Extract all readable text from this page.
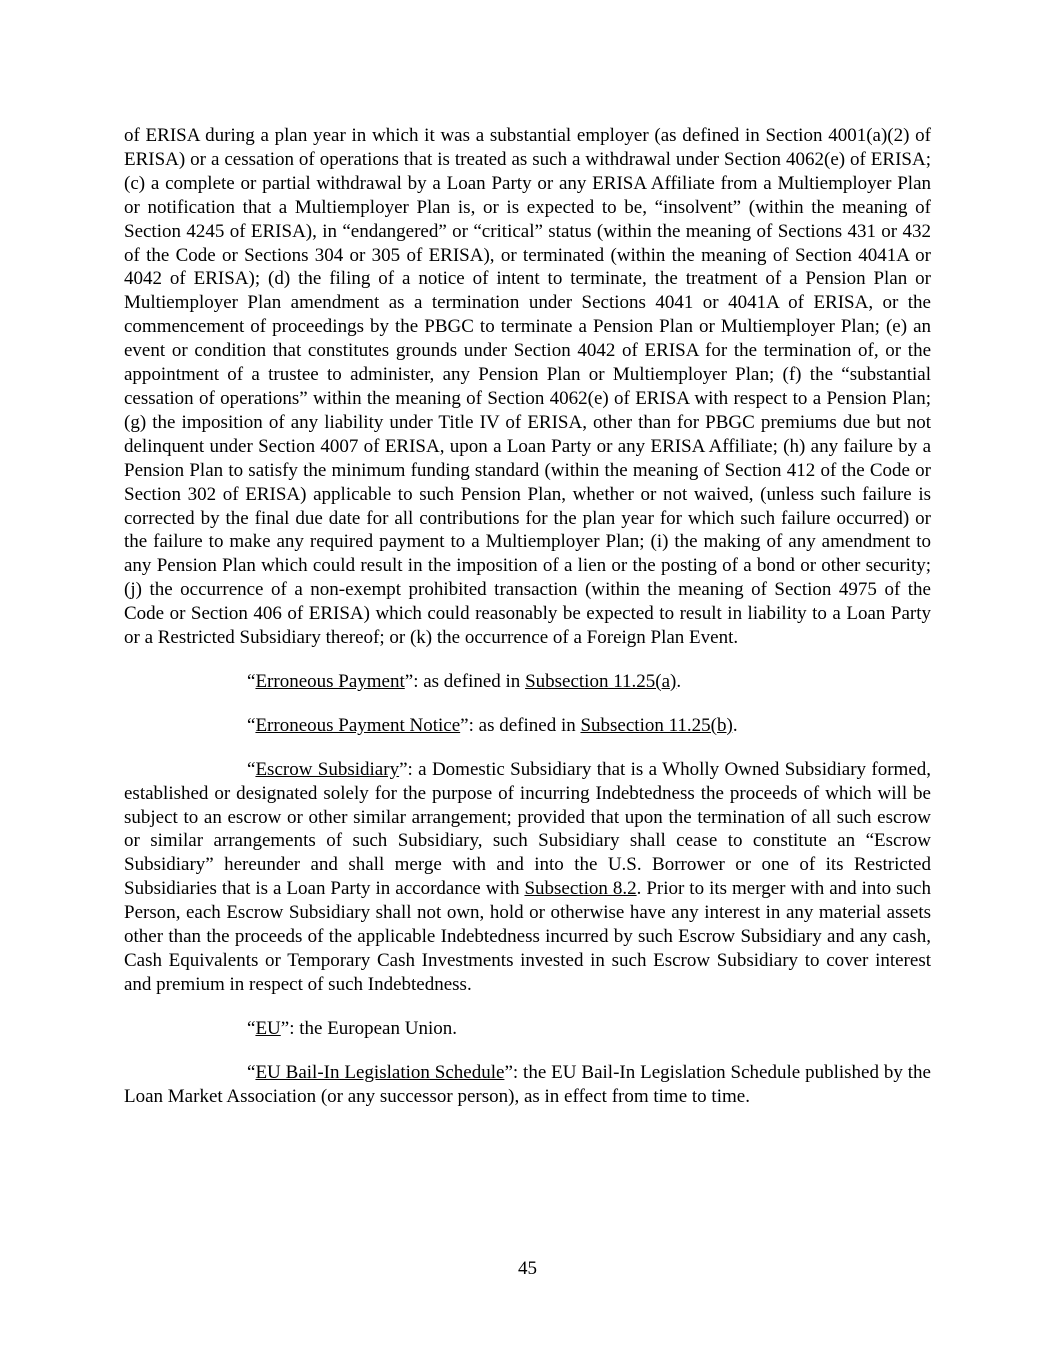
of ERISA during a plan year in which it was a substantial employer (as defined in Section 4001(a)(2) of ERISA) or a cessation of operations that is treated as such a withdrawal under Section 4062(e) of ERISA; (c) a complete or partial withdrawal by a Loan Party or any ERISA Affiliate from a Multiemployer Plan or notification that a Multiemployer Plan is, or is expected to be, “insolvent” (within the meaning of Section 4245 of ERISA), in “endangered” or “critical” status (within the meaning of Sections 431 or 432 of the Code or Sections 304 or 305 of ERISA), or terminated (within the meaning of Section 4041A or 4042 of ERISA); (d) the filing of a notice of intent to terminate, the treatment of a Pension Plan or Multiemployer Plan amendment as a termination under Sections 4041 or 4041A of ERISA, or the commencement of proceedings by the PBGC to terminate a Pension Plan or Multiemployer Plan; (e) an event or condition that constitutes grounds under Section 4042 of ERISA for the termination of, or the appointment of a trustee to administer, any Pension Plan or Multiemployer Plan; (f) the “substantial cessation of operations” within the meaning of Section 4062(e) of ERISA with respect to a Pension Plan; (g) the imposition of any liability under Title IV of ERISA, other than for PBGC premiums due but not delinquent under Section 4007 of ERISA, upon a Loan Party or any ERISA Affiliate; (h) any failure by a Pension Plan to satisfy the minimum funding standard (within the meaning of Section 412 of the Code or Section 302 of ERISA) applicable to such Pension Plan, whether or not waived, (unless such failure is corrected by the final due date for all contributions for the plan year for which such failure occurred) or the failure to make any required payment to a Multiemployer Plan; (i) the making of any amendment to any Pension Plan which could result in the imposition of a lien or the posting of a bond or other security; (j) the occurrence of a non-exempt prohibited transaction (within the meaning of Section 4975 of the Code or Section 406 of ERISA) which could reasonably be expected to result in liability to a Loan Party or a Restricted Subsidiary thereof; or (k) the occurrence of a Foreign Plan Event.

“Erroneous Payment”: as defined in Subsection 11.25(a).

“Erroneous Payment Notice”: as defined in Subsection 11.25(b).

“Escrow Subsidiary”: a Domestic Subsidiary that is a Wholly Owned Subsidiary formed, established or designated solely for the purpose of incurring Indebtedness the proceeds of which will be subject to an escrow or other similar arrangement; provided that upon the termination of all such escrow or similar arrangements of such Subsidiary, such Subsidiary shall cease to constitute an “Escrow Subsidiary” hereunder and shall merge with and into the U.S. Borrower or one of its Restricted Subsidiaries that is a Loan Party in accordance with Subsection 8.2. Prior to its merger with and into such Person, each Escrow Subsidiary shall not own, hold or otherwise have any interest in any material assets other than the proceeds of the applicable Indebtedness incurred by such Escrow Subsidiary and any cash, Cash Equivalents or Temporary Cash Investments invested in such Escrow Subsidiary to cover interest and premium in respect of such Indebtedness.

“EU”: the European Union.

“EU Bail-In Legislation Schedule”: the EU Bail-In Legislation Schedule published by the Loan Market Association (or any successor person), as in effect from time to time.

45
